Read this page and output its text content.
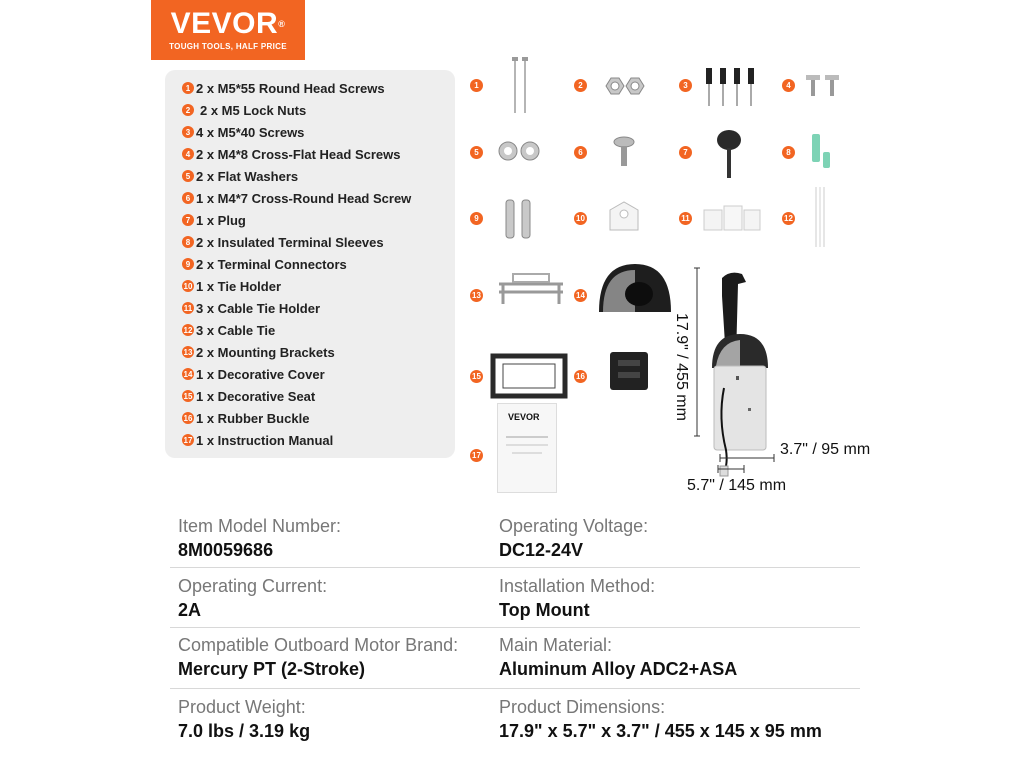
VEVOR®
TOUGH TOOLS, HALF PRICE
1 2 x M5*55 Round Head Screws
2 2 x M5 Lock Nuts
3 4 x M5*40 Screws
4 2 x M4*8 Cross-Flat Head Screws
5 2 x Flat Washers
6 1 x M4*7 Cross-Round Head Screw
7 1 x Plug
8 2 x Insulated Terminal Sleeves
9 2 x Terminal Connectors
10 1 x Tie Holder
11 3 x Cable Tie Holder
12 3 x Cable Tie
13 2 x Mounting Brackets
14 1 x Decorative Cover
15 1 x Decorative Seat
16 1 x Rubber Buckle
17 1 x Instruction Manual
1	2	3	4
5	6	7	8
9	10	11	12
13	14
15	16
17
VEVOR	17.9" / 455 mm
3.7" / 95 mm
5.7" / 145 mm
Item Model Number:
8M0059686
Operating Voltage:
DC12-24V
Operating Current:
2A
Installation Method:
Top Mount
Compatible Outboard Motor Brand:
Mercury PT (2-Stroke)
Main Material:
Aluminum Alloy ADC2+ASA
Product Weight:
7.0 lbs / 3.19 kg
Product Dimensions:
17.9" x 5.7" x 3.7" / 455 x 145 x 95 mm
